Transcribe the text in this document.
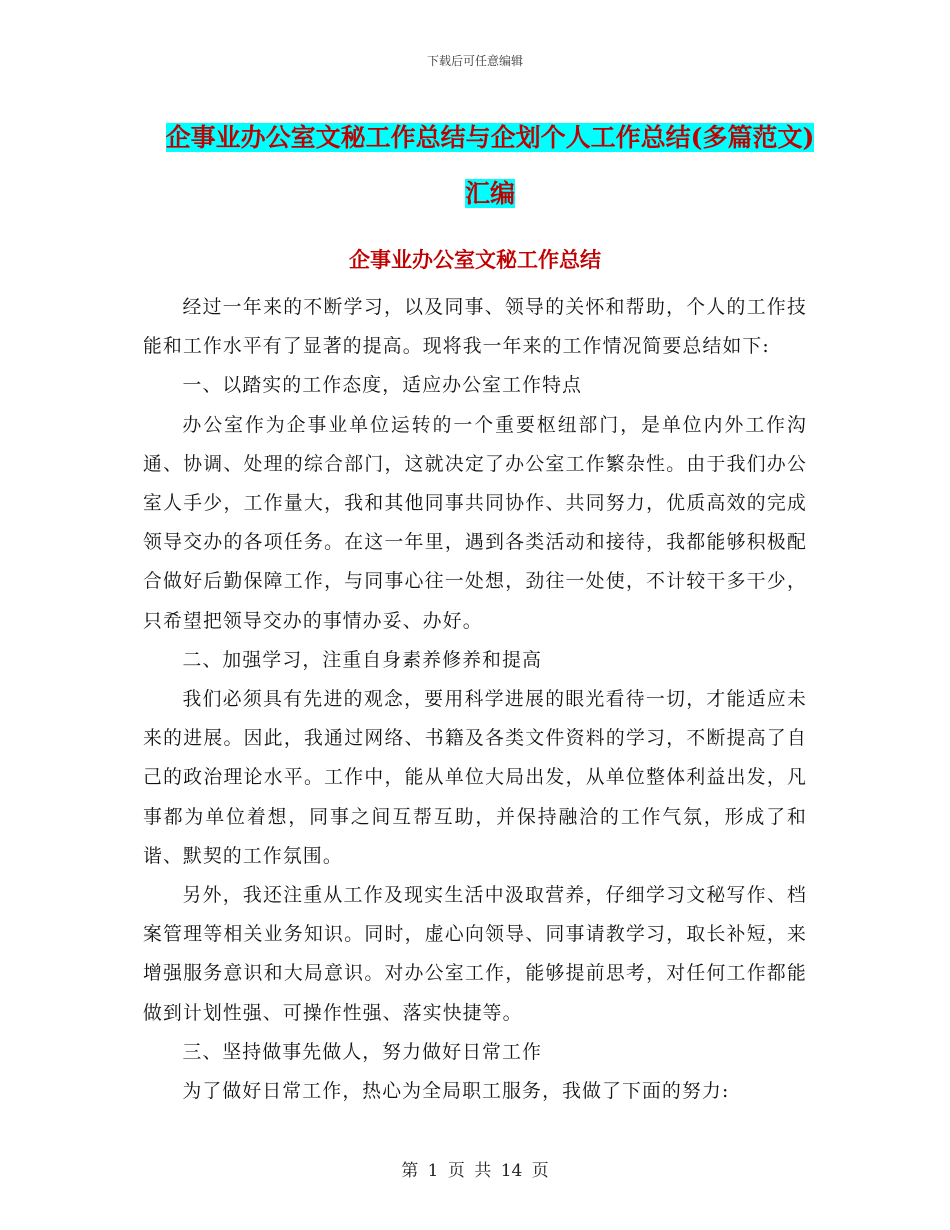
下载后可任意编辑
企事业办公室文秘工作总结与企划个人工作总结(多篇范文)汇编
企事业办公室文秘工作总结

经过一年来的不断学习，以及同事、领导的关怀和帮助，个人的工作技能和工作水平有了显著的提高。现将我一年来的工作情况简要总结如下:

一、以踏实的工作态度，适应办公室工作特点

办公室作为企事业单位运转的一个重要枢纽部门，是单位内外工作沟通、协调、处理的综合部门，这就决定了办公室工作繁杂性。由于我们办公室人手少，工作量大，我和其他同事共同协作、共同努力，优质高效的完成领导交办的各项任务。在这一年里，遇到各类活动和接待，我都能够积极配合做好后勤保障工作，与同事心往一处想，劲往一处使，不计较干多干少，只希望把领导交办的事情办妥、办好。

二、加强学习，注重自身素养修养和提高

我们必须具有先进的观念，要用科学进展的眼光看待一切，才能适应未来的进展。因此，我通过网络、书籍及各类文件资料的学习，不断提高了自己的政治理论水平。工作中，能从单位大局出发，从单位整体利益出发，凡事都为单位着想，同事之间互帮互助，并保持融洽的工作气氛，形成了和谐、默契的工作氛围。

另外，我还注重从工作及现实生活中汲取营养，仔细学习文秘写作、档案管理等相关业务知识。同时，虚心向领导、同事请教学习，取长补短，来增强服务意识和大局意识。对办公室工作，能够提前思考，对任何工作都能做到计划性强、可操作性强、落实快捷等。

三、坚持做事先做人，努力做好日常工作

为了做好日常工作，热心为全局职工服务，我做了下面的努力:

第 1 页 共 14 页
